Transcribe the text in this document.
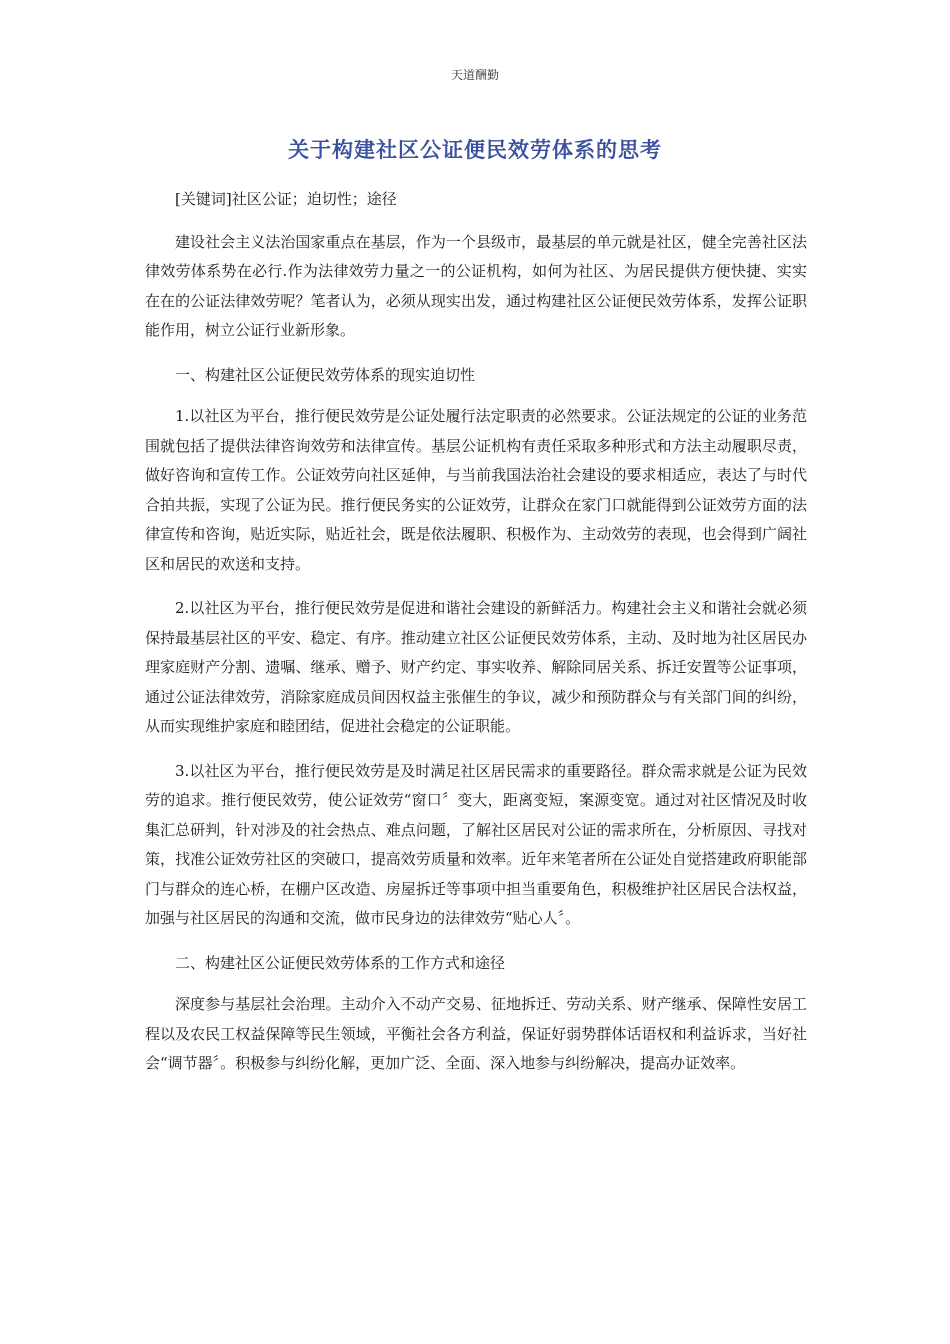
天道酬勤
关于构建社区公证便民效劳体系的思考

[关键词]社区公证；迫切性；途径

建设社会主义法治国家重点在基层，作为一个县级市，最基层的单元就是社区，健全完善社区法律效劳体系势在必行.作为法律效劳力量之一的公证机构，如何为社区、为居民提供方便快捷、实实在在的公证法律效劳呢？笔者认为，必须从现实出发，通过构建社区公证便民效劳体系，发挥公证职能作用，树立公证行业新形象。

一、构建社区公证便民效劳体系的现实迫切性

1.以社区为平台，推行便民效劳是公证处履行法定职责的必然要求。公证法规定的公证的业务范围就包括了提供法律咨询效劳和法律宣传。基层公证机构有责任采取多种形式和方法主动履职尽责，做好咨询和宣传工作。公证效劳向社区延伸，与当前我国法治社会建设的要求相适应，表达了与时代合拍共振，实现了公证为民。推行便民务实的公证效劳，让群众在家门口就能得到公证效劳方面的法律宣传和咨询，贴近实际，贴近社会，既是依法履职、积极作为、主动效劳的表现，也会得到广阔社区和居民的欢送和支持。

2.以社区为平台，推行便民效劳是促进和谐社会建设的新鲜活力。构建社会主义和谐社会就必须保持最基层社区的平安、稳定、有序。推动建立社区公证便民效劳体系，主动、及时地为社区居民办理家庭财产分割、遗嘱、继承、赠予、财产约定、事实收养、解除同居关系、拆迁安置等公证事项，通过公证法律效劳，消除家庭成员间因权益主张催生的争议，减少和预防群众与有关部门间的纠纷，从而实现维护家庭和睦团结，促进社会稳定的公证职能。

3.以社区为平台，推行便民效劳是及时满足社区居民需求的重要路径。群众需求就是公证为民效劳的追求。推行便民效劳，使公证效劳“窗口〞变大，距离变短，案源变宽。通过对社区情况及时收集汇总研判，针对涉及的社会热点、难点问题，了解社区居民对公证的需求所在，分析原因、寻找对策，找准公证效劳社区的突破口，提高效劳质量和效率。近年来笔者所在公证处自觉搭建政府职能部门与群众的连心桥，在棚户区改造、房屋拆迁等事项中担当重要角色，积极维护社区居民合法权益，加强与社区居民的沟通和交流，做市民身边的法律效劳“贴心人〞。

二、构建社区公证便民效劳体系的工作方式和途径

深度参与基层社会治理。主动介入不动产交易、征地拆迁、劳动关系、财产继承、保障性安居工程以及农民工权益保障等民生领域，平衡社会各方利益，保证好弱势群体话语权和利益诉求，当好社会“调节器〞。积极参与纠纷化解，更加广泛、全面、深入地参与纠纷解决，提高办证效率。
